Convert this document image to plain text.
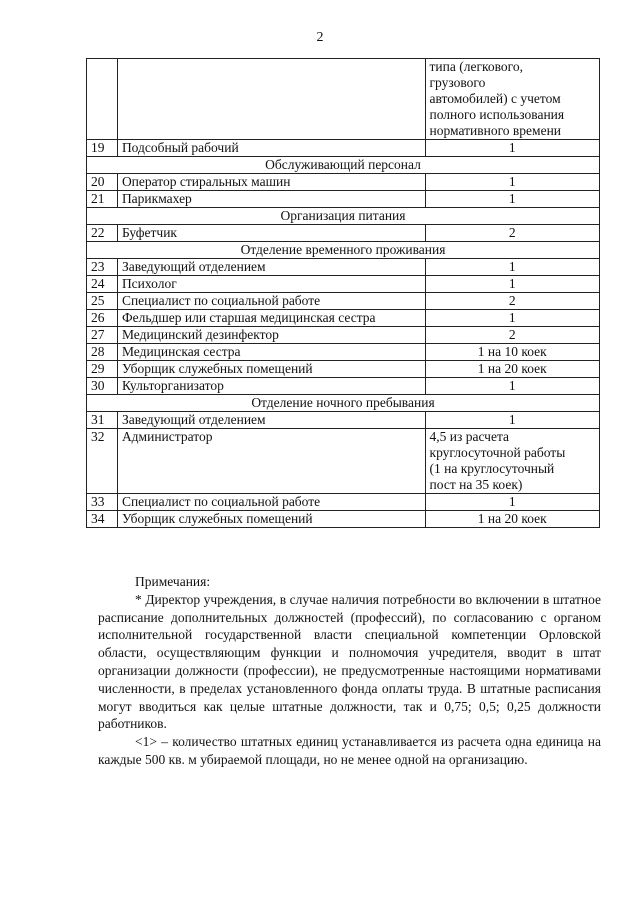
2

		типа (легкового,
грузового
автомобилей) с учетом
полного использования
нормативного времени

19	Подсобный рабочий	1
Обслуживающий персонал		
20	Оператор стиральных машин	1
21	Парикмахер	1
Организация питания		
22	Буфетчик	2
Отделение временного проживания		
23	Заведующий отделением	1
24	Психолог	1
25	Специалист по социальной работе	2
26	Фельдшер или старшая медицинская сестра	1
27	Медицинский дезинфектор	2
28	Медицинская сестра	1 на 10 коек
29	Уборщик служебных помещений	1 на 20 коек
30	Культорганизатор	1
Отделение ночного пребывания		
31	Заведующий отделением	1
32	Администратор	4,5 из расчета
круглосуточной работы
(1 на круглосуточный
пост на 35 коек)

33	Специалист по социальной работе	1
34	Уборщик служебных помещений	1 на 20 коек

Примечания:

* Директор учреждения, в случае наличия потребности во включении в штатное расписание дополнительных должностей (профессий), по согласованию с органом исполнительной государственной власти специальной компетенции Орловской области, осуществляющим функции и полномочия учредителя, вводит в штат организации должности (профессии), не предусмотренные настоящими нормативами численности, в пределах установленного фонда оплаты труда. В штатные расписания могут вводиться как целые штатные должности, так и 0,75; 0,5; 0,25 должности работников.

<1> – количество штатных единиц устанавливается из расчета одна единица на каждые 500 кв. м убираемой площади, но не менее одной на организацию.
